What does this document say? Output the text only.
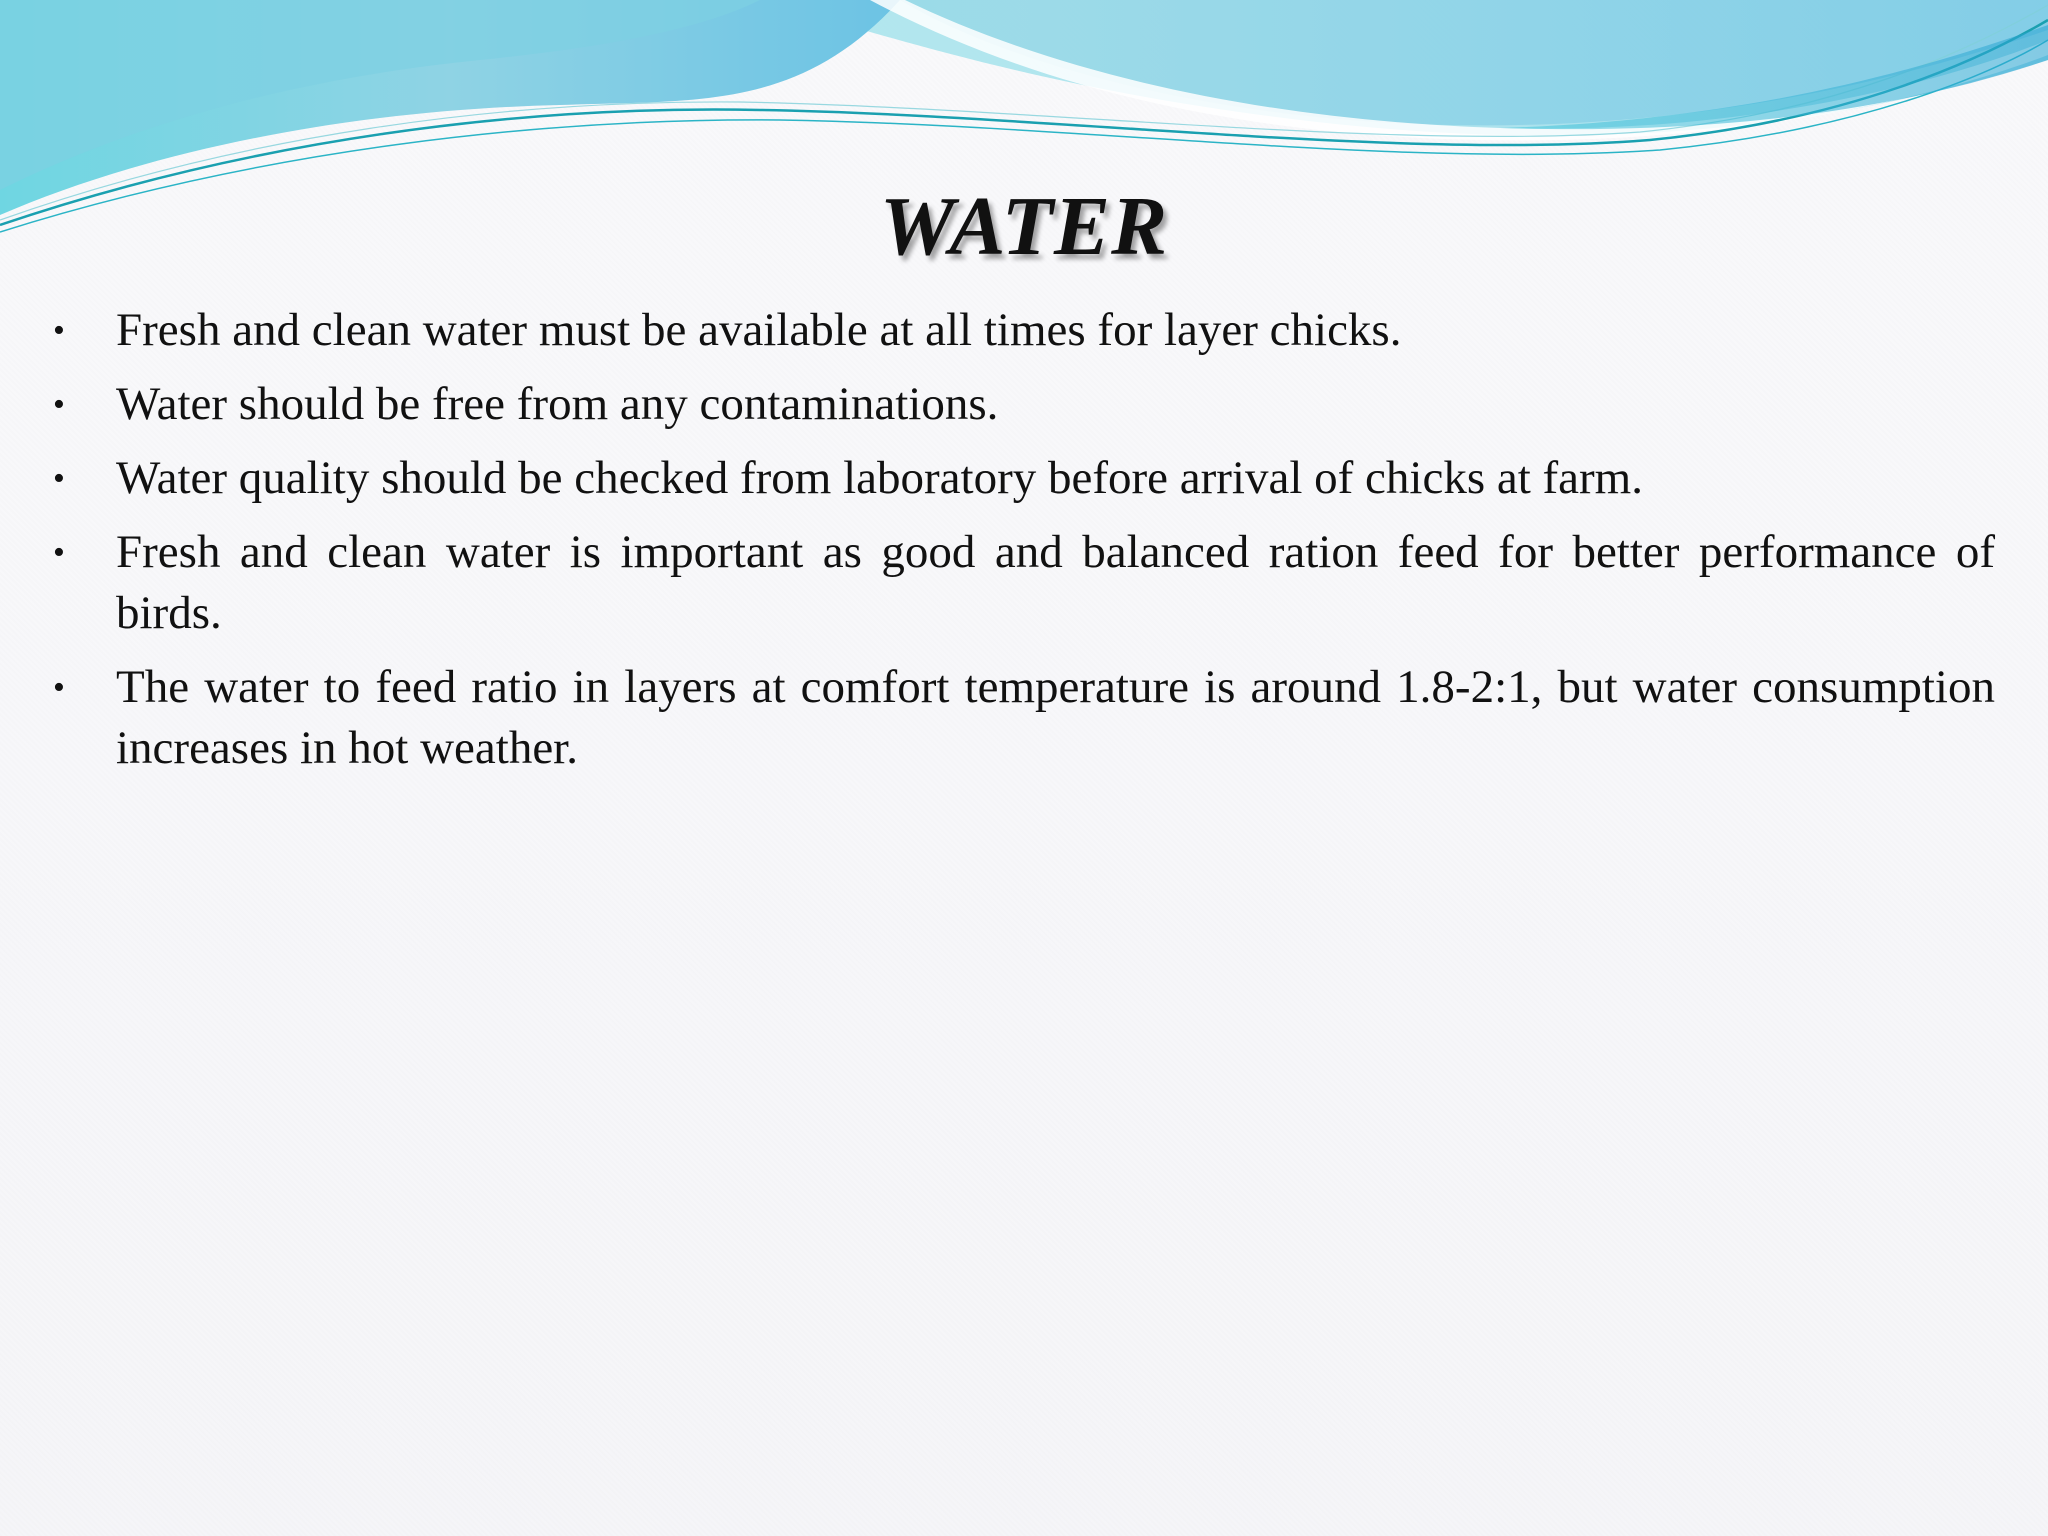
WATER
• Fresh and clean water must be available at all times for layer chicks.
• Water should be free from any contaminations.
• Water quality should be checked from laboratory before arrival of chicks at farm.
• Fresh and clean water is important as good and balanced ration feed for better performance of birds.
• The water to feed ratio in layers at comfort temperature is around 1.8-2:1, but water consumption increases in hot weather.
